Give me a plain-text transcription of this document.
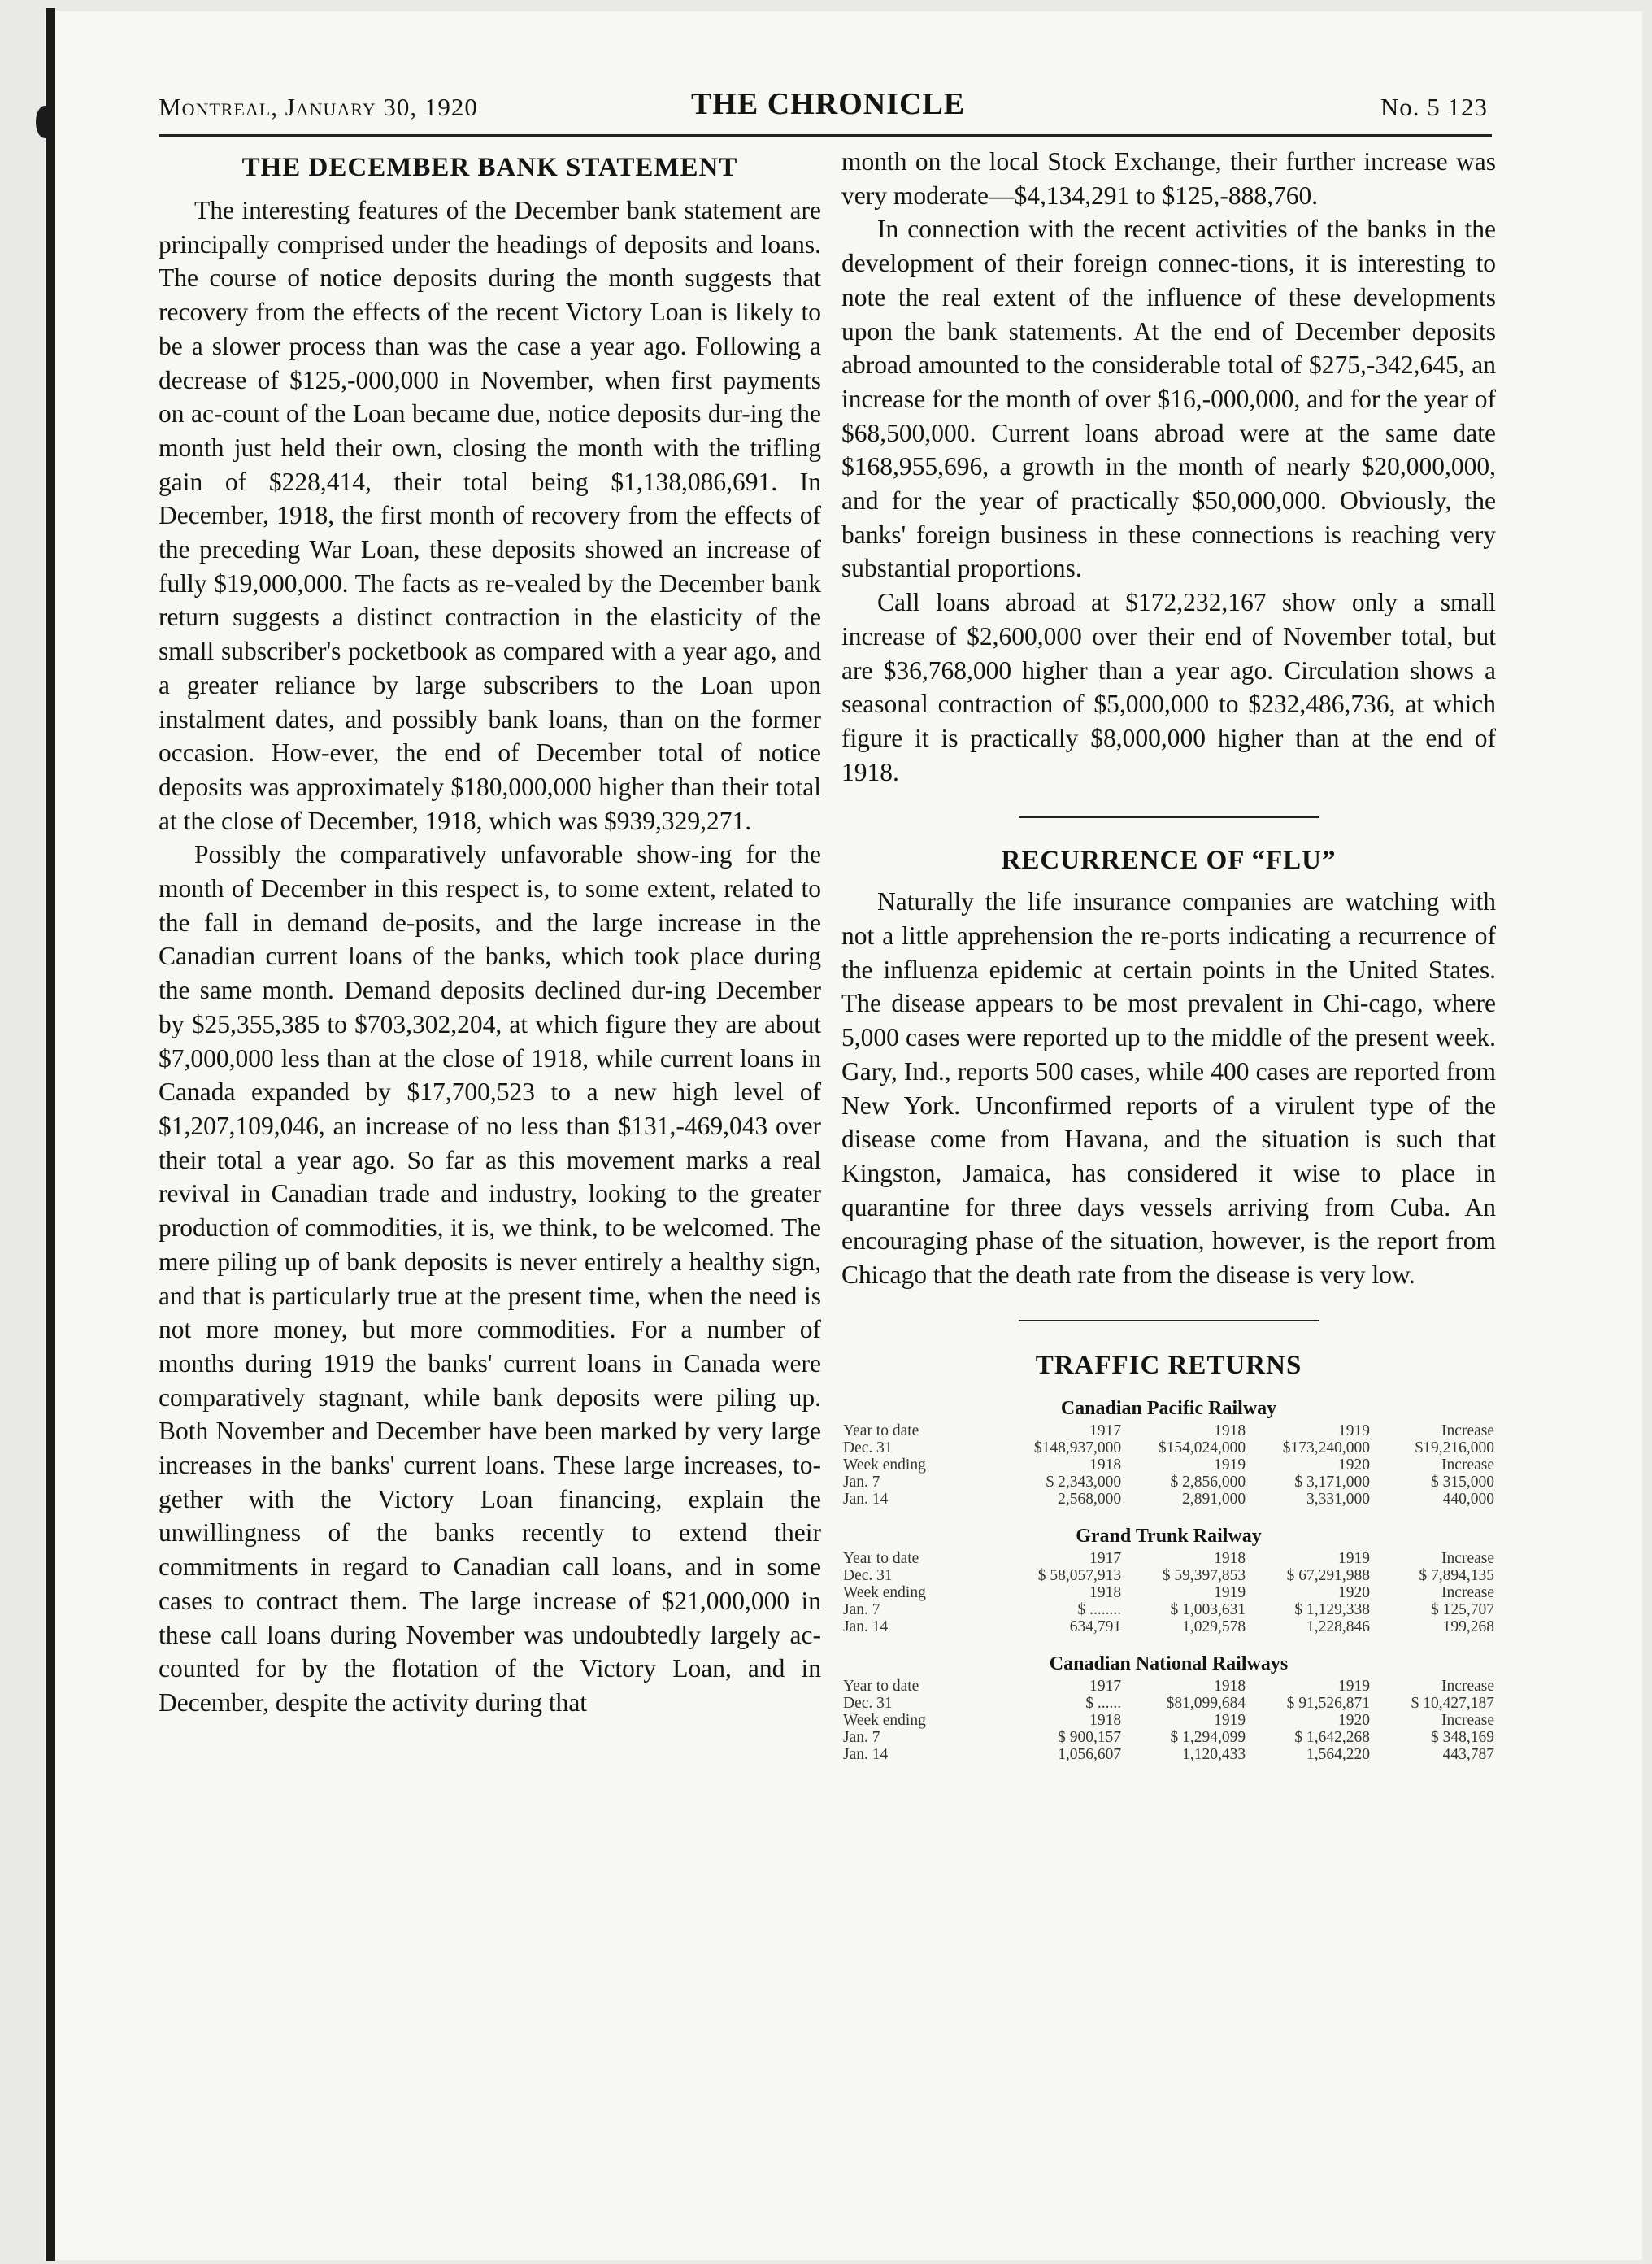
Montreal, January 30, 1920	THE CHRONICLE	No. 5 123
THE DECEMBER BANK STATEMENT

The interesting features of the December bank statement are principally comprised under the headings of deposits and loans. The course of notice deposits during the month suggests that recovery from the effects of the recent Victory Loan is likely to be a slower process than was the case a year ago. Following a decrease of $125,-000,000 in November, when first payments on ac-count of the Loan became due, notice deposits dur-ing the month just held their own, closing the month with the trifling gain of $228,414, their total being $1,138,086,691. In December, 1918, the first month of recovery from the effects of the preceding War Loan, these deposits showed an increase of fully $19,000,000. The facts as re-vealed by the December bank return suggests a distinct contraction in the elasticity of the small subscriber's pocketbook as compared with a year ago, and a greater reliance by large subscribers to the Loan upon instalment dates, and possibly bank loans, than on the former occasion. How-ever, the end of December total of notice deposits was approximately $180,000,000 higher than their total at the close of December, 1918, which was $939,329,271.

Possibly the comparatively unfavorable show-ing for the month of December in this respect is, to some extent, related to the fall in demand de-posits, and the large increase in the Canadian current loans of the banks, which took place during the same month. Demand deposits declined dur-ing December by $25,355,385 to $703,302,204, at which figure they are about $7,000,000 less than at the close of 1918, while current loans in Canada expanded by $17,700,523 to a new high level of $1,207,109,046, an increase of no less than $131,-469,043 over their total a year ago. So far as this movement marks a real revival in Canadian trade and industry, looking to the greater production of commodities, it is, we think, to be welcomed. The mere piling up of bank deposits is never entirely a healthy sign, and that is particularly true at the present time, when the need is not more money, but more commodities. For a number of months during 1919 the banks' current loans in Canada were comparatively stagnant, while bank deposits were piling up. Both November and December have been marked by very large increases in the banks' current loans. These large increases, to-gether with the Victory Loan financing, explain the unwillingness of the banks recently to extend their commitments in regard to Canadian call loans, and in some cases to contract them. The large increase of $21,000,000 in these call loans during November was undoubtedly largely ac-counted for by the flotation of the Victory Loan, and in December, despite the activity during that

month on the local Stock Exchange, their further increase was very moderate—$4,134,291 to $125,-888,760.

In connection with the recent activities of the banks in the development of their foreign connec-tions, it is interesting to note the real extent of the influence of these developments upon the bank statements. At the end of December deposits abroad amounted to the considerable total of $275,-342,645, an increase for the month of over $16,-000,000, and for the year of $68,500,000. Current loans abroad were at the same date $168,955,696, a growth in the month of nearly $20,000,000, and for the year of practically $50,000,000. Obviously, the banks' foreign business in these connections is reaching very substantial proportions.

Call loans abroad at $172,232,167 show only a small increase of $2,600,000 over their end of November total, but are $36,768,000 higher than a year ago. Circulation shows a seasonal contraction of $5,000,000 to $232,486,736, at which figure it is practically $8,000,000 higher than at the end of 1918.

RECURRENCE OF “FLU”

Naturally the life insurance companies are watching with not a little apprehension the re-ports indicating a recurrence of the influenza epidemic at certain points in the United States. The disease appears to be most prevalent in Chi-cago, where 5,000 cases were reported up to the middle of the present week. Gary, Ind., reports 500 cases, while 400 cases are reported from New York. Unconfirmed reports of a virulent type of the disease come from Havana, and the situation is such that Kingston, Jamaica, has considered it wise to place in quarantine for three days vessels arriving from Cuba. An encouraging phase of the situation, however, is the report from Chicago that the death rate from the disease is very low.

TRAFFIC RETURNS
Canadian Pacific Railway
Year to date	1917	1918	1919	Increase
Dec. 31	$148,937,000	$154,024,000	$173,240,000	$19,216,000
Week ending	1918	1919	1920	Increase
Jan. 7	$ 2,343,000	$ 2,856,000	$ 3,171,000	$ 315,000
Jan. 14	2,568,000	2,891,000	3,331,000	440,000
Grand Trunk Railway
Year to date	1917	1918	1919	Increase
Dec. 31	$ 58,057,913	$ 59,397,853	$ 67,291,988	$ 7,894,135
Week ending	1918	1919	1920	Increase
Jan. 7	$ ........	$ 1,003,631	$ 1,129,338	$ 125,707
Jan. 14	634,791	1,029,578	1,228,846	199,268
Canadian National Railways
Year to date	1917	1918	1919	Increase
Dec. 31	$ ......	$81,099,684	$ 91,526,871	$ 10,427,187
Week ending	1918	1919	1920	Increase
Jan. 7	$ 900,157	$ 1,294,099	$ 1,642,268	$ 348,169
Jan. 14	1,056,607	1,120,433	1,564,220	443,787
